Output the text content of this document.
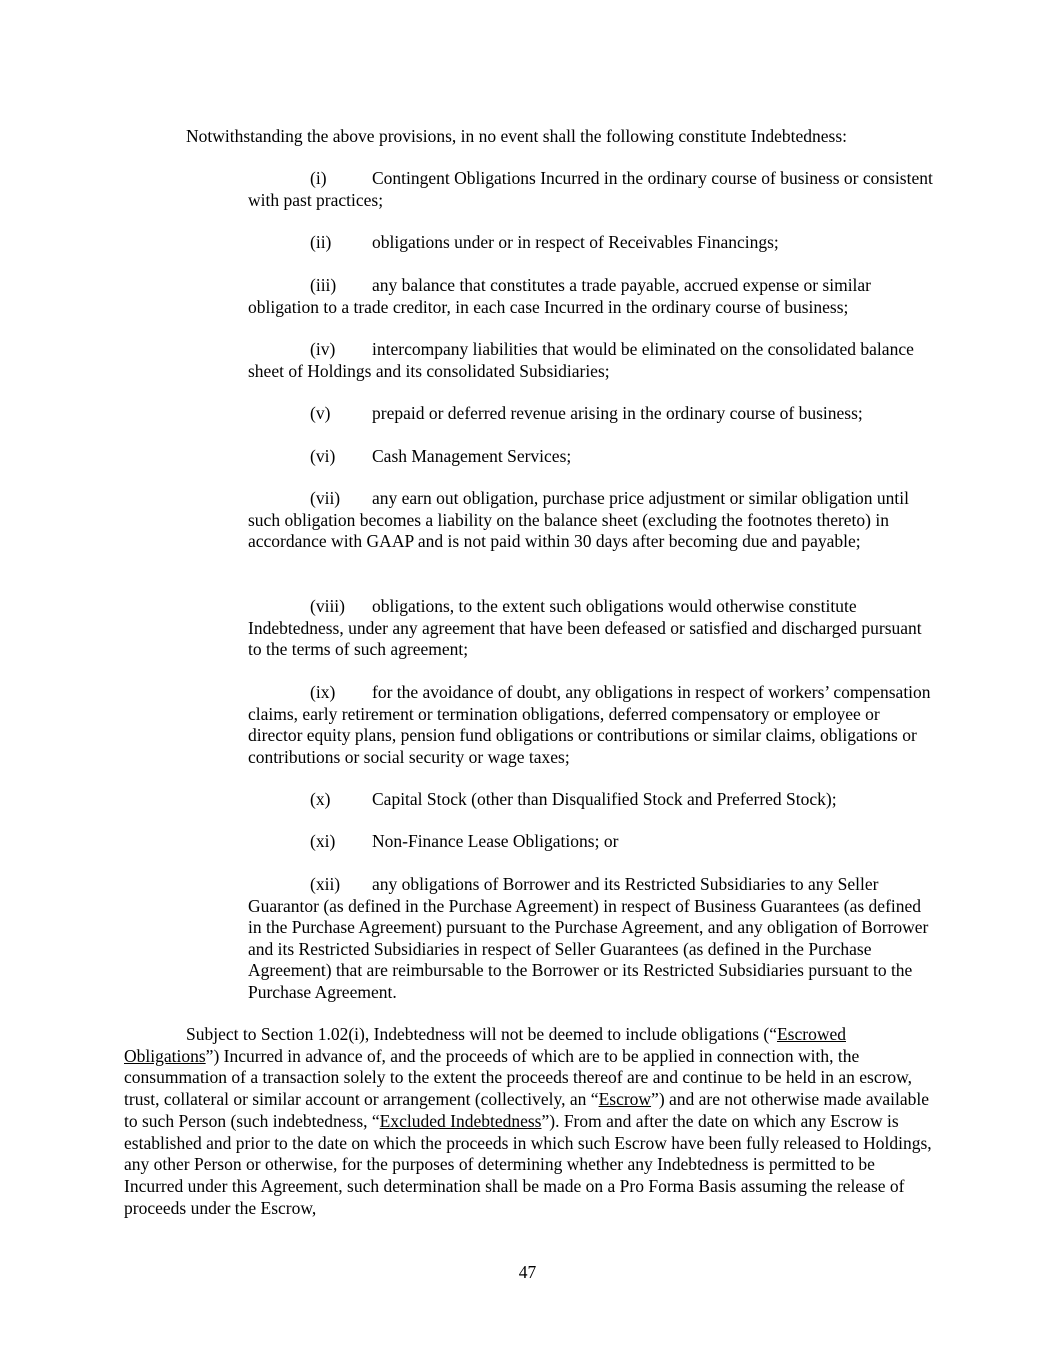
Notwithstanding the above provisions, in no event shall the following constitute Indebtedness:
(i)	Contingent Obligations Incurred in the ordinary course of business or consistent with past practices;
(ii) obligations under or in respect of Receivables Financings;
(iii) any balance that constitutes a trade payable, accrued expense or similar obligation to a trade creditor, in each case Incurred in the ordinary course of business;
(iv) intercompany liabilities that would be eliminated on the consolidated balance sheet of Holdings and its consolidated Subsidiaries;
(v) prepaid or deferred revenue arising in the ordinary course of business;
(vi) Cash Management Services;
(vii) any earn out obligation, purchase price adjustment or similar obligation until such obligation becomes a liability on the balance sheet (excluding the footnotes thereto) in accordance with GAAP and is not paid within 30 days after becoming due and payable;
(viii) obligations, to the extent such obligations would otherwise constitute Indebtedness, under any agreement that have been defeased or satisfied and discharged pursuant to the terms of such agreement;
(ix) for the avoidance of doubt, any obligations in respect of workers’ compensation claims, early retirement or termination obligations, deferred compensatory or employee or director equity plans, pension fund obligations or contributions or similar claims, obligations or contributions or social security or wage taxes;
(x) Capital Stock (other than Disqualified Stock and Preferred Stock);
(xi) Non-Finance Lease Obligations; or
(xii) any obligations of Borrower and its Restricted Subsidiaries to any Seller Guarantor (as defined in the Purchase Agreement) in respect of Business Guarantees (as defined in the Purchase Agreement) pursuant to the Purchase Agreement, and any obligation of Borrower and its Restricted Subsidiaries in respect of Seller Guarantees (as defined in the Purchase Agreement) that are reimbursable to the Borrower or its Restricted Subsidiaries pursuant to the Purchase Agreement.
Subject to Section 1.02(i), Indebtedness will not be deemed to include obligations (“Escrowed Obligations”) Incurred in advance of, and the proceeds of which are to be applied in connection with, the consummation of a transaction solely to the extent the proceeds thereof are and continue to be held in an escrow, trust, collateral or similar account or arrangement (collectively, an “Escrow”) and are not otherwise made available to such Person (such indebtedness, “Excluded Indebtedness”). From and after the date on which any Escrow is established and prior to the date on which the proceeds in which such Escrow have been fully released to Holdings, any other Person or otherwise, for the purposes of determining whether any Indebtedness is permitted to be Incurred under this Agreement, such determination shall be made on a Pro Forma Basis assuming the release of proceeds under the Escrow,
47
